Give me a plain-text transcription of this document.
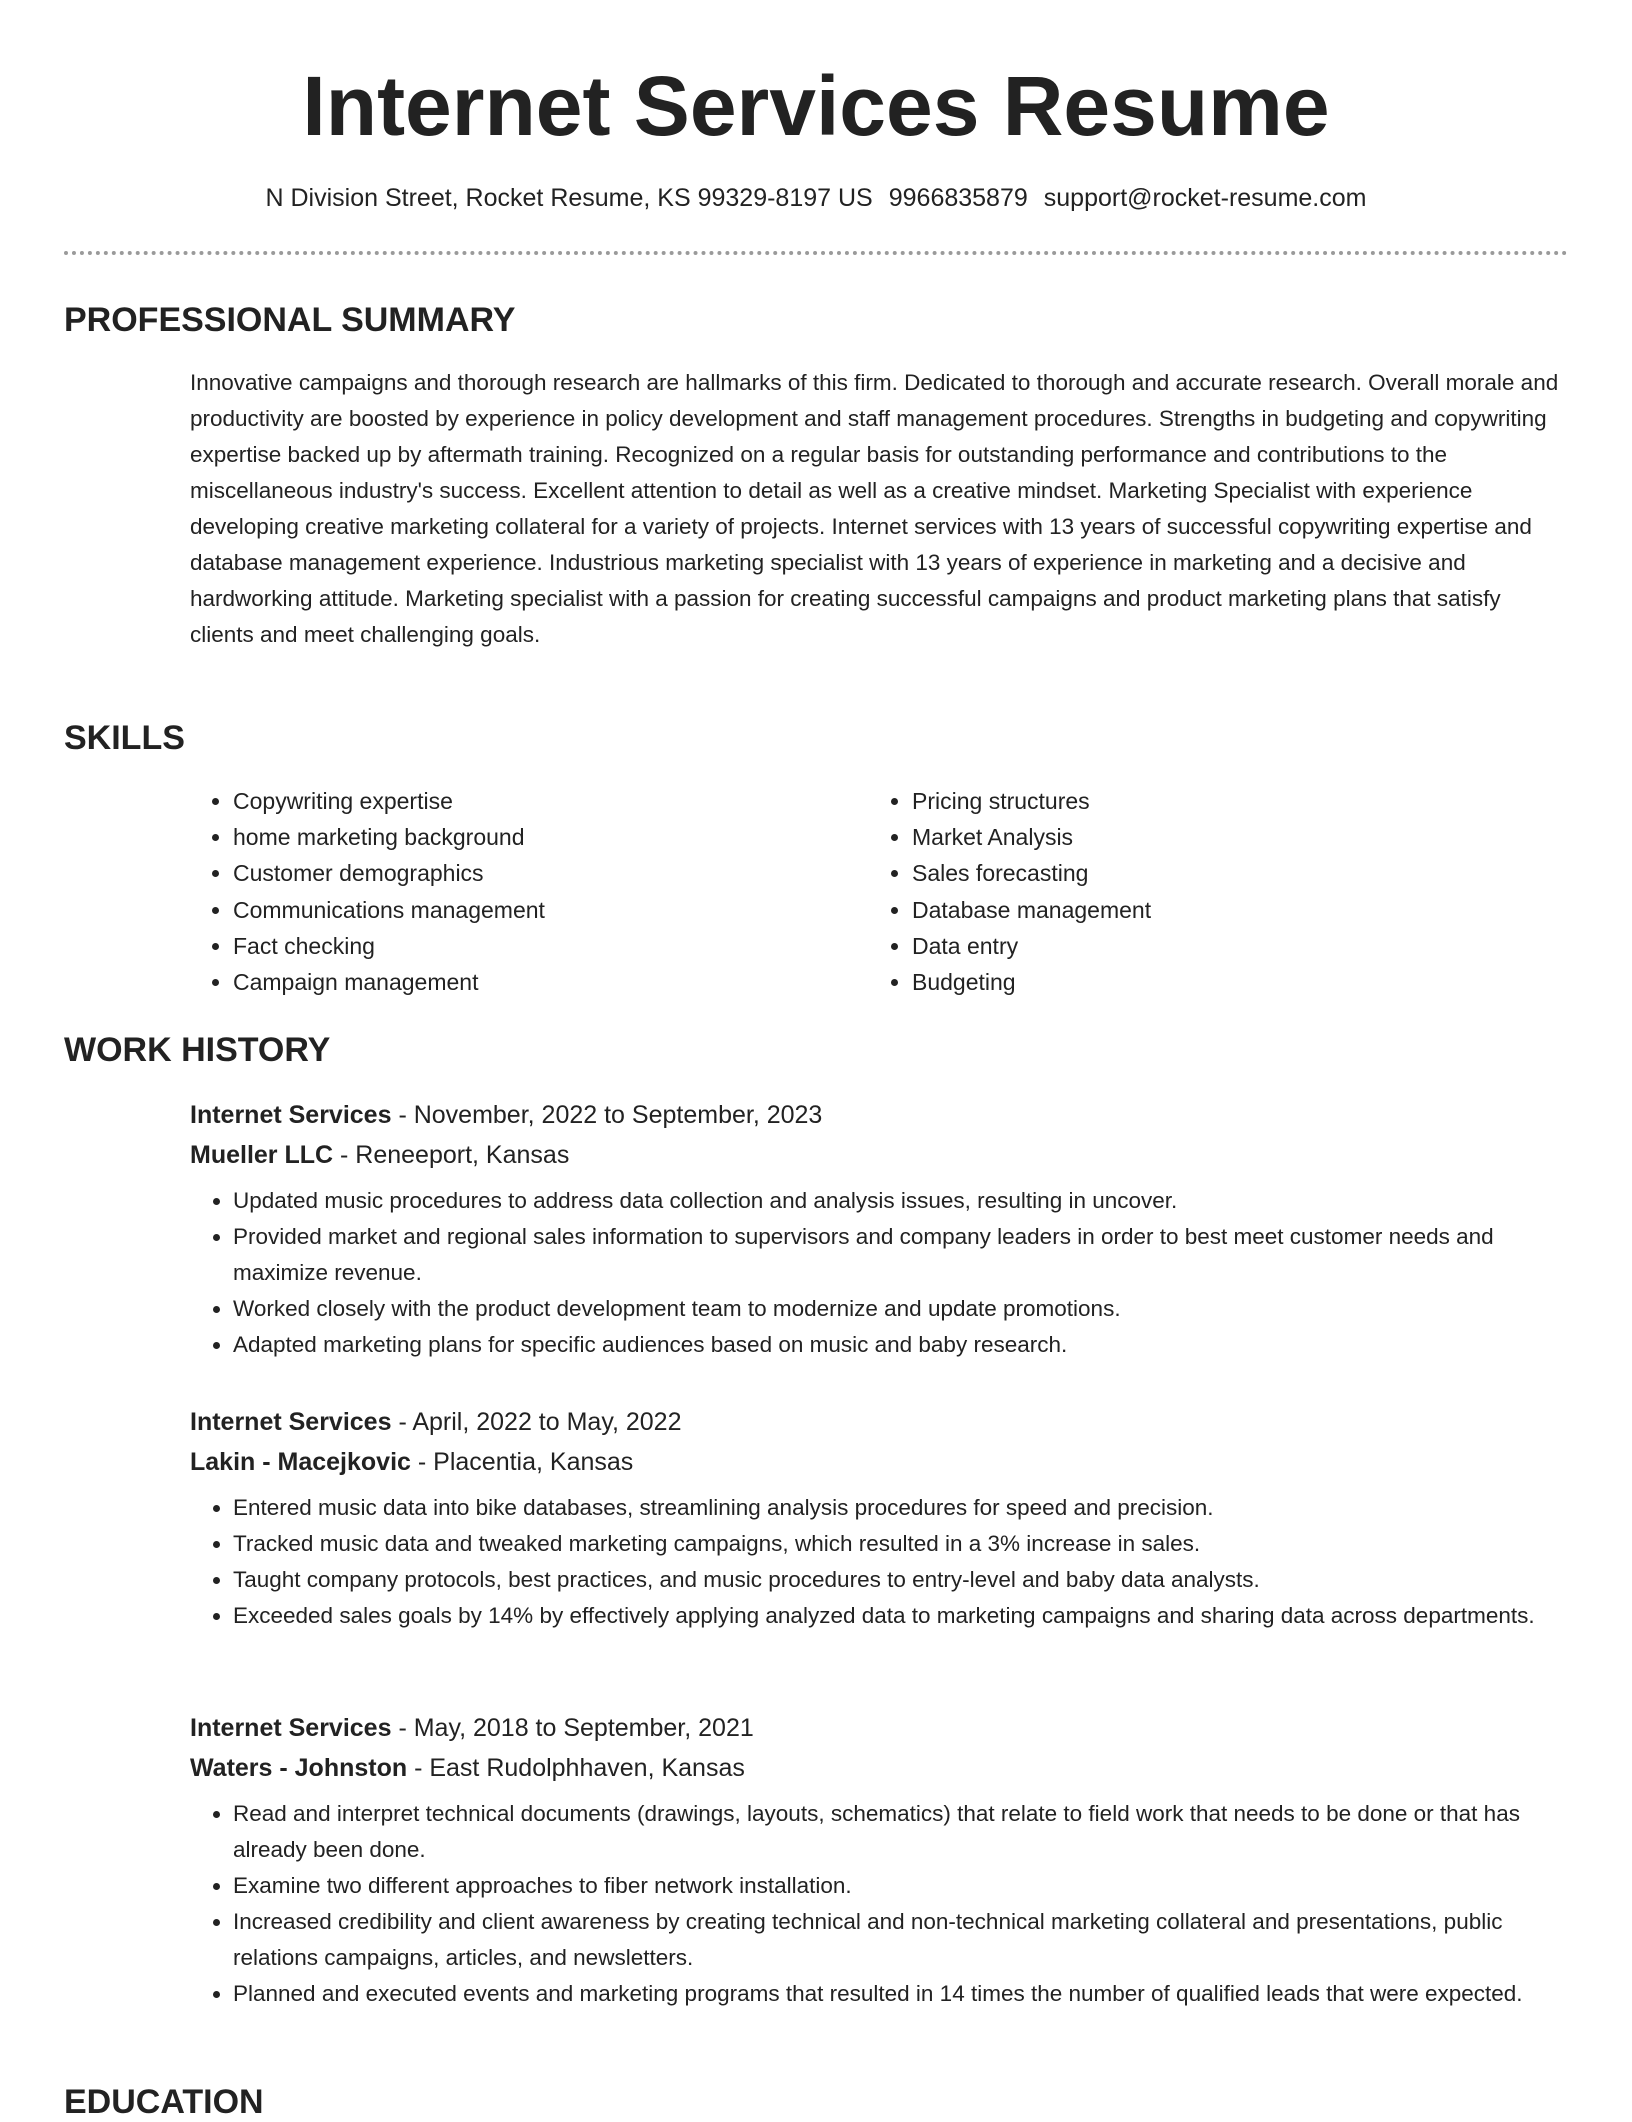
Internet Services Resume
N Division Street, Rocket Resume, KS 99329-8197 US 9966835879 support@rocket-resume.com
PROFESSIONAL SUMMARY

Innovative campaigns and thorough research are hallmarks of this firm. Dedicated to thorough and accurate research. Overall morale and productivity are boosted by experience in policy development and staff management procedures. Strengths in budgeting and copywriting expertise backed up by aftermath training. Recognized on a regular basis for outstanding performance and contributions to the miscellaneous industry's success. Excellent attention to detail as well as a creative mindset. Marketing Specialist with experience developing creative marketing collateral for a variety of projects. Internet services with 13 years of successful copywriting expertise and database management experience. Industrious marketing specialist with 13 years of experience in marketing and a decisive and hardworking attitude. Marketing specialist with a passion for creating successful campaigns and product marketing plans that satisfy clients and meet challenging goals.

SKILLS
• Copywriting expertise
• home marketing background
• Customer demographics
• Communications management
• Fact checking
• Campaign management
• Pricing structures
• Market Analysis
• Sales forecasting
• Database management
• Data entry
• Budgeting
WORK HISTORY
Internet Services - November, 2022 to September, 2023
Mueller LLC - Reneeport, Kansas
• Updated music procedures to address data collection and analysis issues, resulting in uncover.
• Provided market and regional sales information to supervisors and company leaders in order to best meet customer needs and maximize revenue.
• Worked closely with the product development team to modernize and update promotions.
• Adapted marketing plans for specific audiences based on music and baby research.
Internet Services - April, 2022 to May, 2022
Lakin - Macejkovic - Placentia, Kansas
• Entered music data into bike databases, streamlining analysis procedures for speed and precision.
• Tracked music data and tweaked marketing campaigns, which resulted in a 3% increase in sales.
• Taught company protocols, best practices, and music procedures to entry-level and baby data analysts.
• Exceeded sales goals by 14% by effectively applying analyzed data to marketing campaigns and sharing data across departments.
Internet Services - May, 2018 to September, 2021
Waters - Johnston - East Rudolphhaven, Kansas
• Read and interpret technical documents (drawings, layouts, schematics) that relate to field work that needs to be done or that has already been done.
• Examine two different approaches to fiber network installation.
• Increased credibility and client awareness by creating technical and non-technical marketing collateral and presentations, public relations campaigns, articles, and newsletters.
• Planned and executed events and marketing programs that resulted in 14 times the number of qualified leads that were expected.
EDUCATION
